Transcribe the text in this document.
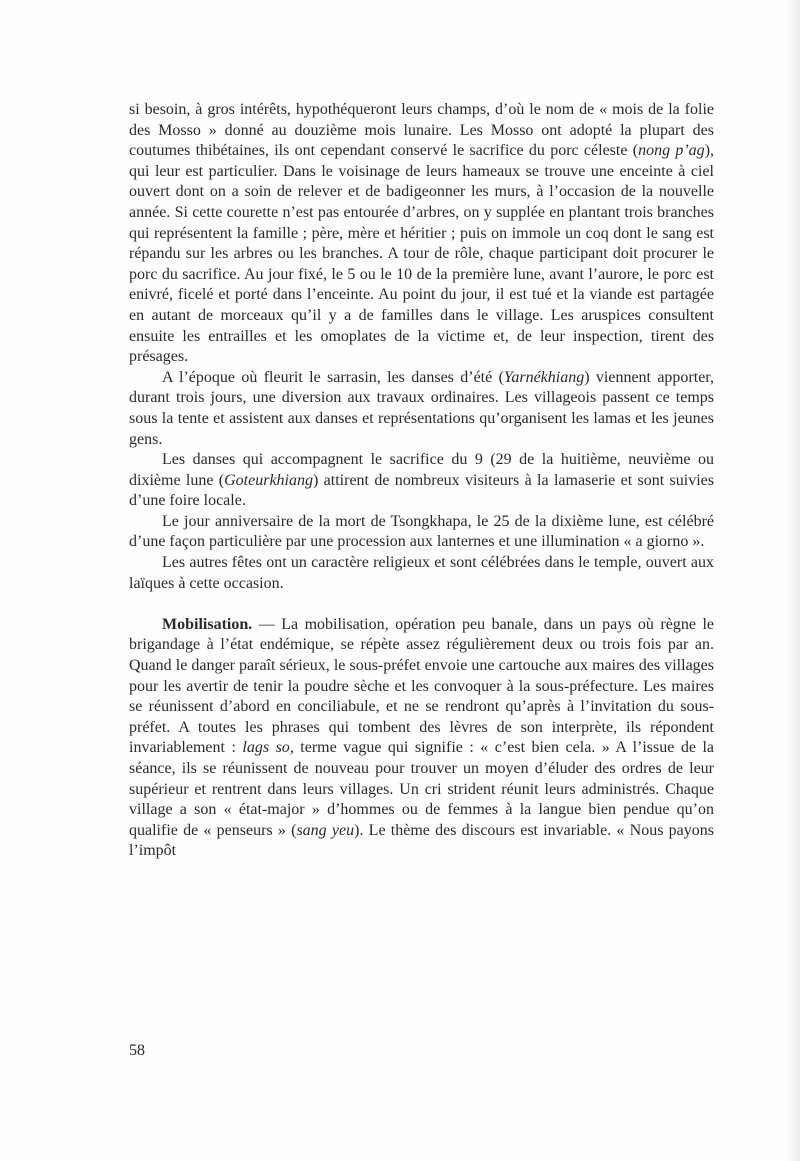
si besoin, à gros intérêts, hypothéqueront leurs champs, d’où le nom de « mois de la folie des Mosso » donné au douzième mois lunaire. Les Mosso ont adopté la plupart des coutumes thibétaines, ils ont cependant conservé le sacrifice du porc céleste (nong p’ag), qui leur est particulier. Dans le voisinage de leurs hameaux se trouve une enceinte à ciel ouvert dont on a soin de relever et de badigeonner les murs, à l’occasion de la nouvelle année. Si cette courette n’est pas entourée d’arbres, on y supplée en plantant trois branches qui représentent la famille ; père, mère et héritier ; puis on immole un coq dont le sang est répandu sur les arbres ou les branches. A tour de rôle, chaque participant doit procurer le porc du sacrifice. Au jour fixé, le 5 ou le 10 de la première lune, avant l’aurore, le porc est enivré, ficelé et porté dans l’enceinte. Au point du jour, il est tué et la viande est partagée en autant de morceaux qu’il y a de familles dans le village. Les aruspices consultent ensuite les entrailles et les omoplates de la victime et, de leur inspection, tirent des présages.

A l’époque où fleurit le sarrasin, les danses d’été (Yarnékhiang) viennent apporter, durant trois jours, une diversion aux travaux ordinaires. Les villageois passent ce temps sous la tente et assistent aux danses et représentations qu’organisent les lamas et les jeunes gens.

Les danses qui accompagnent le sacrifice du 9 (29 de la huitième, neuvième ou dixième lune (Goteurkhiang) attirent de nombreux visiteurs à la lamaserie et sont suivies d’une foire locale.

Le jour anniversaire de la mort de Tsongkhapa, le 25 de la dixième lune, est célébré d’une façon particulière par une procession aux lanternes et une illumination « a giorno ».

Les autres fêtes ont un caractère religieux et sont célébrées dans le temple, ouvert aux laïques à cette occasion.

Mobilisation. — La mobilisation, opération peu banale, dans un pays où règne le brigandage à l’état endémique, se répète assez régulièrement deux ou trois fois par an. Quand le danger paraît sérieux, le sous-préfet envoie une cartouche aux maires des villages pour les avertir de tenir la poudre sèche et les convoquer à la sous-préfecture. Les maires se réunissent d’abord en conciliabule, et ne se rendront qu’après à l’invitation du sous-préfet. A toutes les phrases qui tombent des lèvres de son interprète, ils répondent invariablement : lags so, terme vague qui signifie : « c’est bien cela. » A l’issue de la séance, ils se réunissent de nouveau pour trouver un moyen d’éluder des ordres de leur supérieur et rentrent dans leurs villages. Un cri strident réunit leurs administrés. Chaque village a son « état-major » d’hommes ou de femmes à la langue bien pendue qu’on qualifie de « penseurs » (sang yeu). Le thème des discours est invariable. « Nous payons l’impôt

58
